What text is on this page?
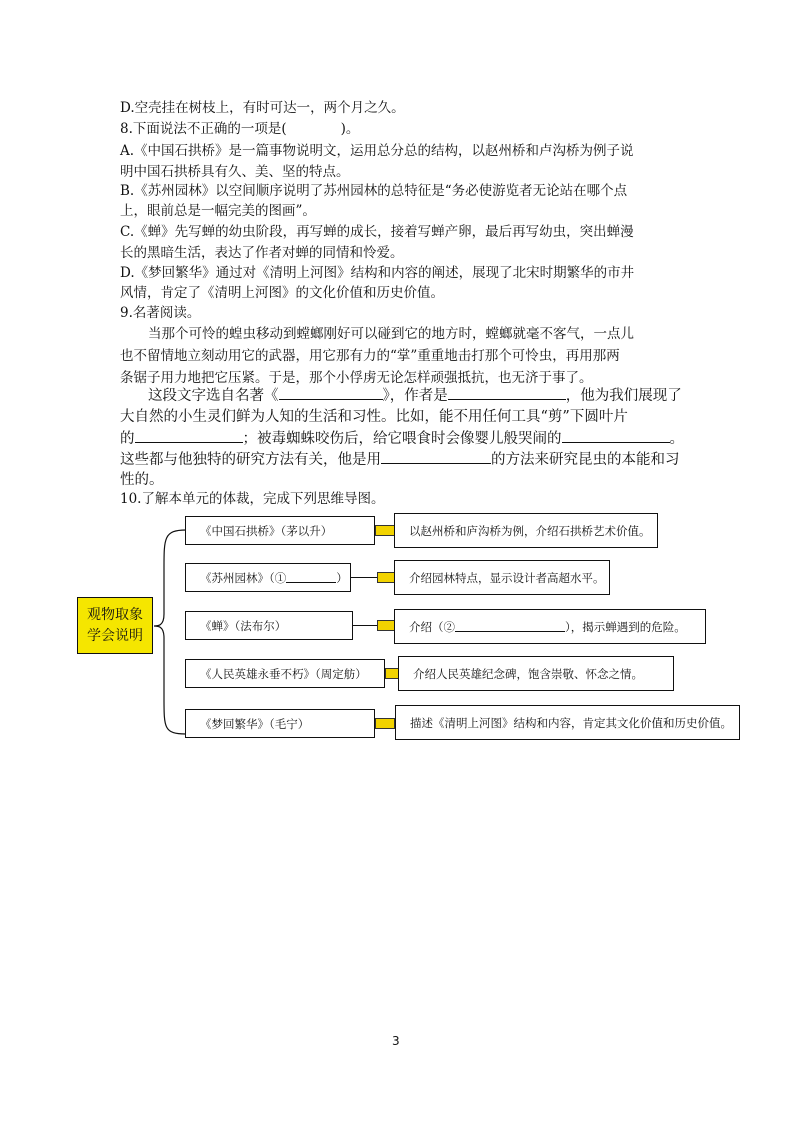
D.空壳挂在树枝上，有时可达一，两个月之久。
8.下面说法不正确的一项是(　　　　)。
A.《中国石拱桥》是一篇事物说明文，运用总分总的结构，以赵州桥和卢沟桥为例子说
明中国石拱桥具有久、美、坚的特点。
B.《苏州园林》以空间顺序说明了苏州园林的总特征是“务必使游览者无论站在哪个点
上，眼前总是一幅完美的图画”。
C.《蝉》先写蝉的幼虫阶段，再写蝉的成长，接着写蝉产卵，最后再写幼虫，突出蝉漫
长的黑暗生活，表达了作者对蝉的同情和怜爱。
D.《梦回繁华》通过对《清明上河图》结构和内容的阐述，展现了北宋时期繁华的市井
风情，肯定了《清明上河图》的文化价值和历史价值。
9.名著阅读。
当那个可怜的蝗虫移动到螳螂刚好可以碰到它的地方时，螳螂就毫不客气，一点儿
也不留情地立刻动用它的武器，用它那有力的“掌”重重地击打那个可怜虫，再用那两
条锯子用力地把它压紧。于是，那个小俘虏无论怎样顽强抵抗，也无济于事了。
这段文字选自名著《	》，作者是	，他为我们展现了
大自然的小生灵们鲜为人知的生活和习性。比如，能不用任何工具“剪”下圆叶片
的	；被毒蜘蛛咬伤后，给它喂食时会像婴儿般哭闹的	。
这些都与他独特的研究方法有关，他是用	的方法来研究昆虫的本能和习
性的。
10.了解本单元的体裁，完成下列思维导图。
观物取象
学会说明
《中国石拱桥》（茅以升）	以赵州桥和庐沟桥为例，介绍石拱桥艺术价值。
《苏州园林》（①	）	介绍园林特点，显示设计者高超水平。
《蝉》（法布尔）	介绍（②	），揭示蝉遇到的危险。
《人民英雄永垂不朽》（周定舫）	介绍人民英雄纪念碑，饱含崇敬、怀念之情。
《梦回繁华》（毛宁）	描述《清明上河图》结构和内容，肯定其文化价值和历史价值。
3
